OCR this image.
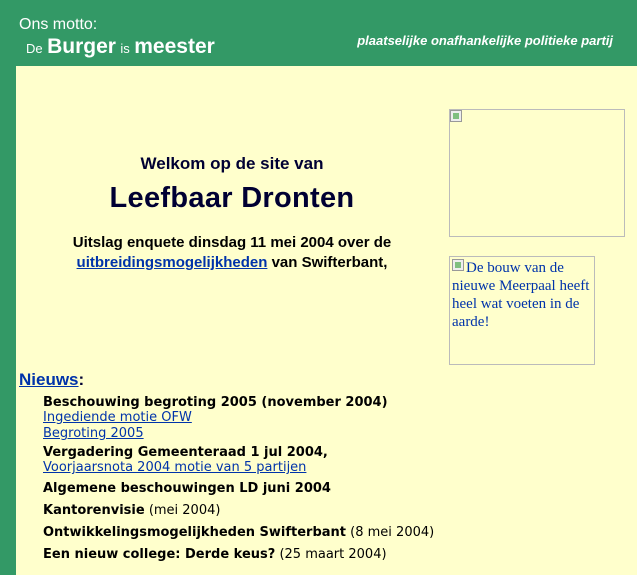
Ons motto:
De Burger is meester	plaatselijke onafhankelijke politieke partij
Welkom op de site van
Leefbaar Dronten
Uitslag enquete dinsdag 11 mei 2004 over de
uitbreidingsmogelijkheden van Swifterbant,	De bouw van de nieuwe Meerpaal heeft heel wat voeten in de aarde!
Nieuws:
Beschouwing begroting 2005 (november 2004)
Ingediende motie OFW
Begroting 2005
Vergadering Gemeenteraad 1 jul 2004,
Voorjaarsnota 2004 motie van 5 partijen
Algemene beschouwingen LD juni 2004
Kantorenvisie (mei 2004)
Ontwikkelingsmogelijkheden Swifterbant (8 mei 2004)
Een nieuw college: Derde keus? (25 maart 2004)
